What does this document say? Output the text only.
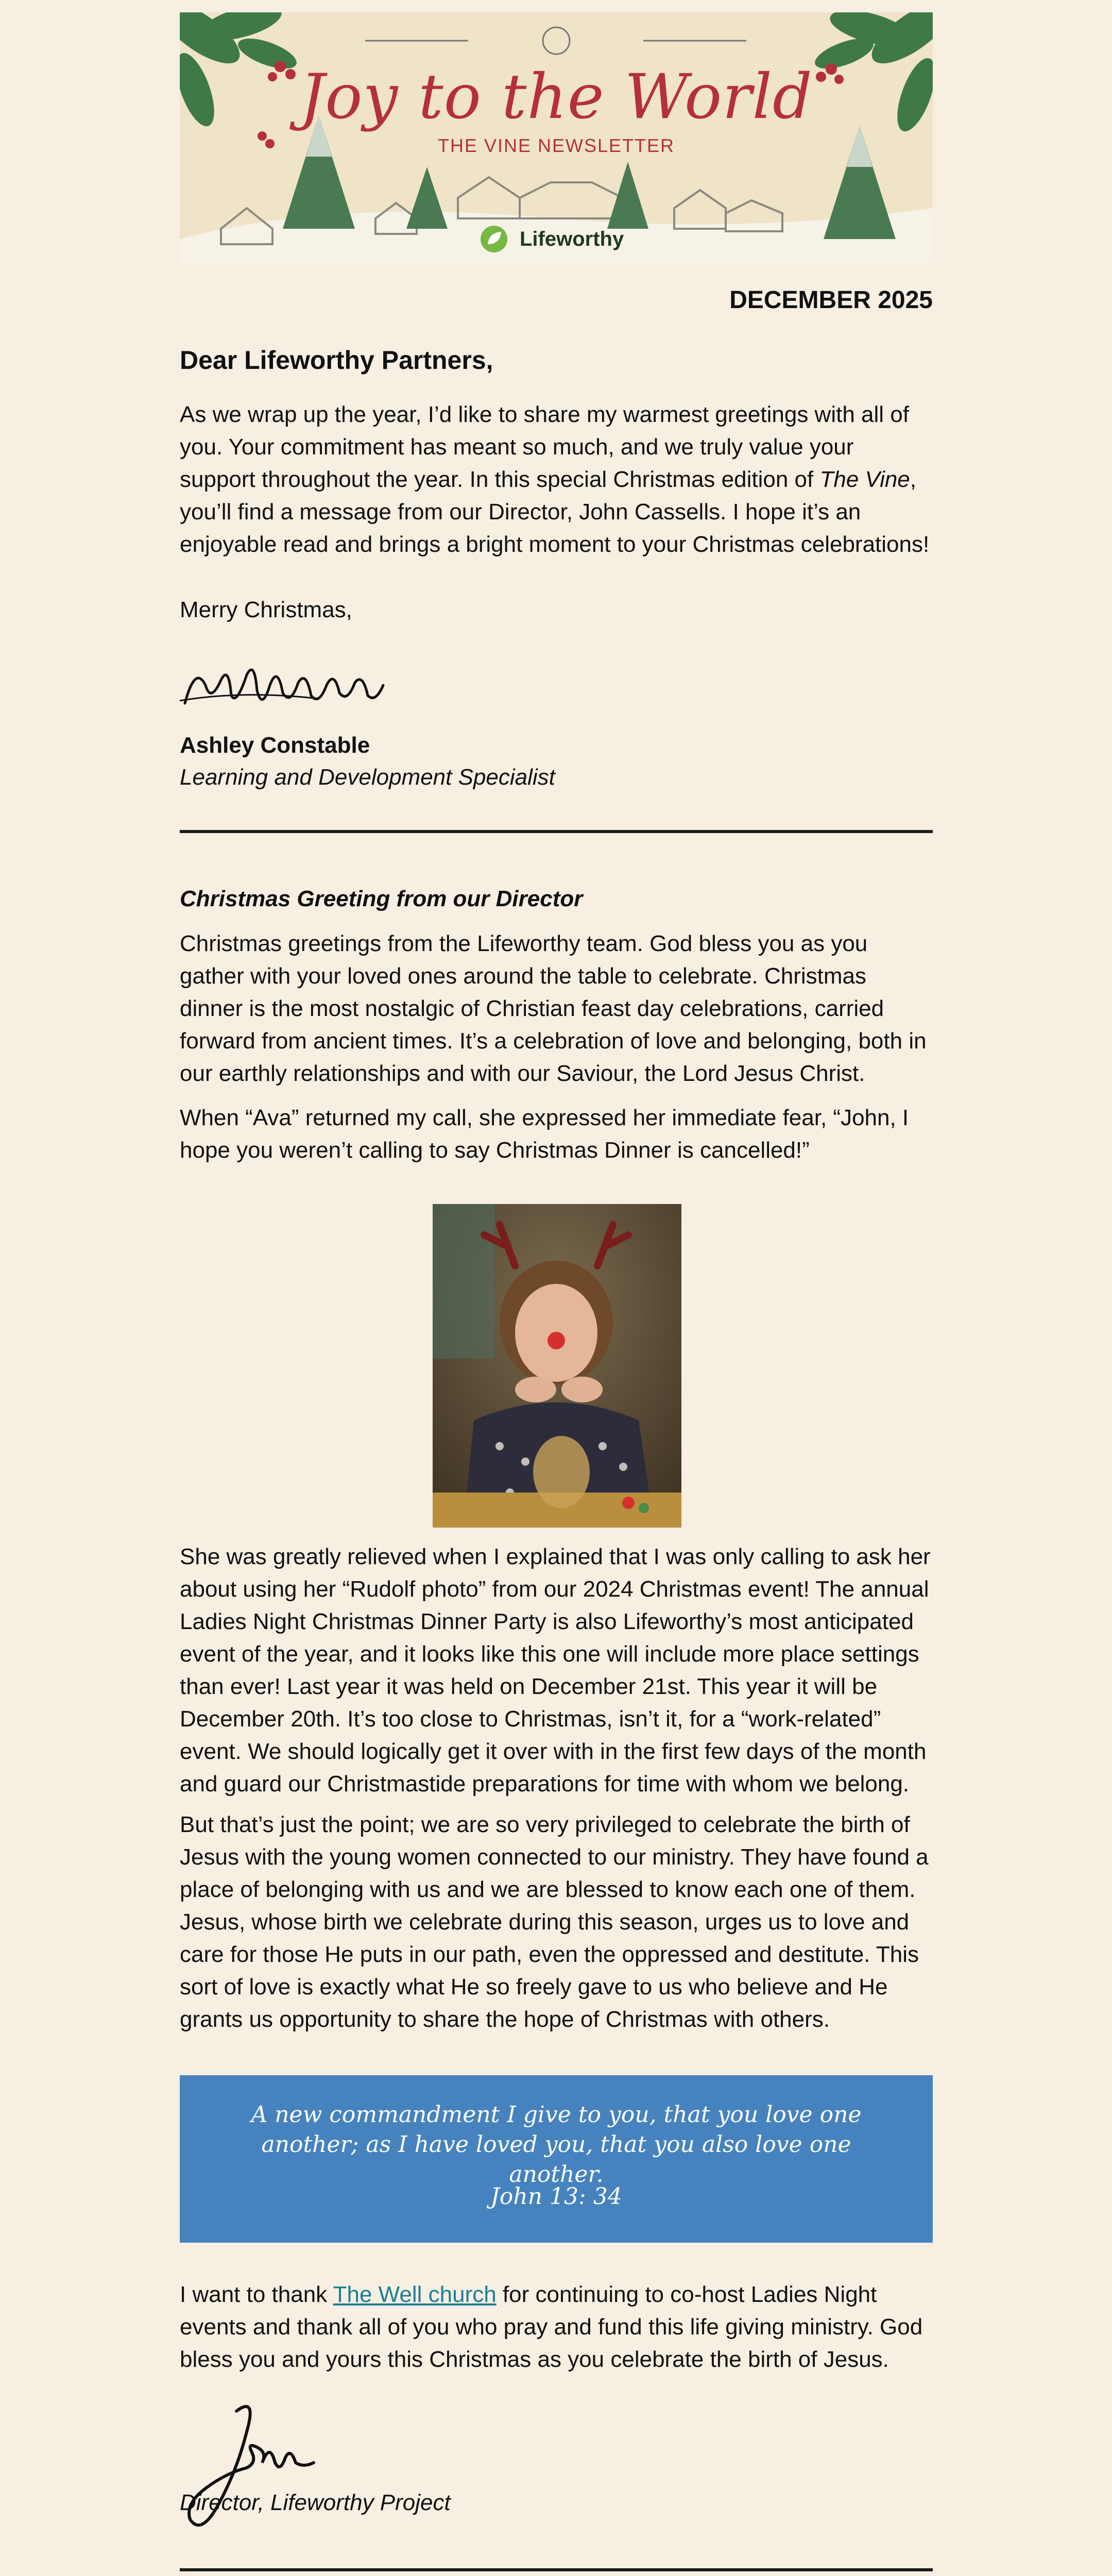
Joy to the World
THE VINE NEWSLETTER
Lifeworthy
DECEMBER 2025
Dear Lifeworthy Partners,

As we wrap up the year, I’d like to share my warmest greetings with all of you. Your commitment has meant so much, and we truly value your support throughout the year. In this special Christmas edition of The Vine, you’ll find a message from our Director, John Cassells. I hope it’s an enjoyable read and brings a bright moment to your Christmas celebrations!

Merry Christmas,

Ashley Constable
Learning and Development Specialist
Christmas Greeting from our Director

Christmas greetings from the Lifeworthy team. God bless you as you gather with your loved ones around the table to celebrate. Christmas dinner is the most nostalgic of Christian feast day celebrations, carried forward from ancient times. It’s a celebration of love and belonging, both in our earthly relationships and with our Saviour, the Lord Jesus Christ.

When “Ava” returned my call, she expressed her immediate fear, “John, I hope you weren’t calling to say Christmas Dinner is cancelled!”

She was greatly relieved when I explained that I was only calling to ask her about using her “Rudolf photo” from our 2024 Christmas event! The annual Ladies Night Christmas Dinner Party is also Lifeworthy’s most anticipated event of the year, and it looks like this one will include more place settings than ever! Last year it was held on December 21st. This year it will be December 20th. It’s too close to Christmas, isn’t it, for a “work-related” event. We should logically get it over with in the first few days of the month and guard our Christmastide preparations for time with whom we belong.

But that’s just the point; we are so very privileged to celebrate the birth of Jesus with the young women connected to our ministry. They have found a place of belonging with us and we are blessed to know each one of them. Jesus, whose birth we celebrate during this season, urges us to love and care for those He puts in our path, even the oppressed and destitute. This sort of love is exactly what He so freely gave to us who believe and He grants us opportunity to share the hope of Christmas with others.

A new commandment I give to you, that you love one another; as I have loved you, that you also love one another.
John 13: 34

I want to thank The Well church for continuing to co-host Ladies Night events and thank all of you who pray and fund this life giving ministry. God bless you and yours this Christmas as you celebrate the birth of Jesus.

Director, Lifeworthy Project
